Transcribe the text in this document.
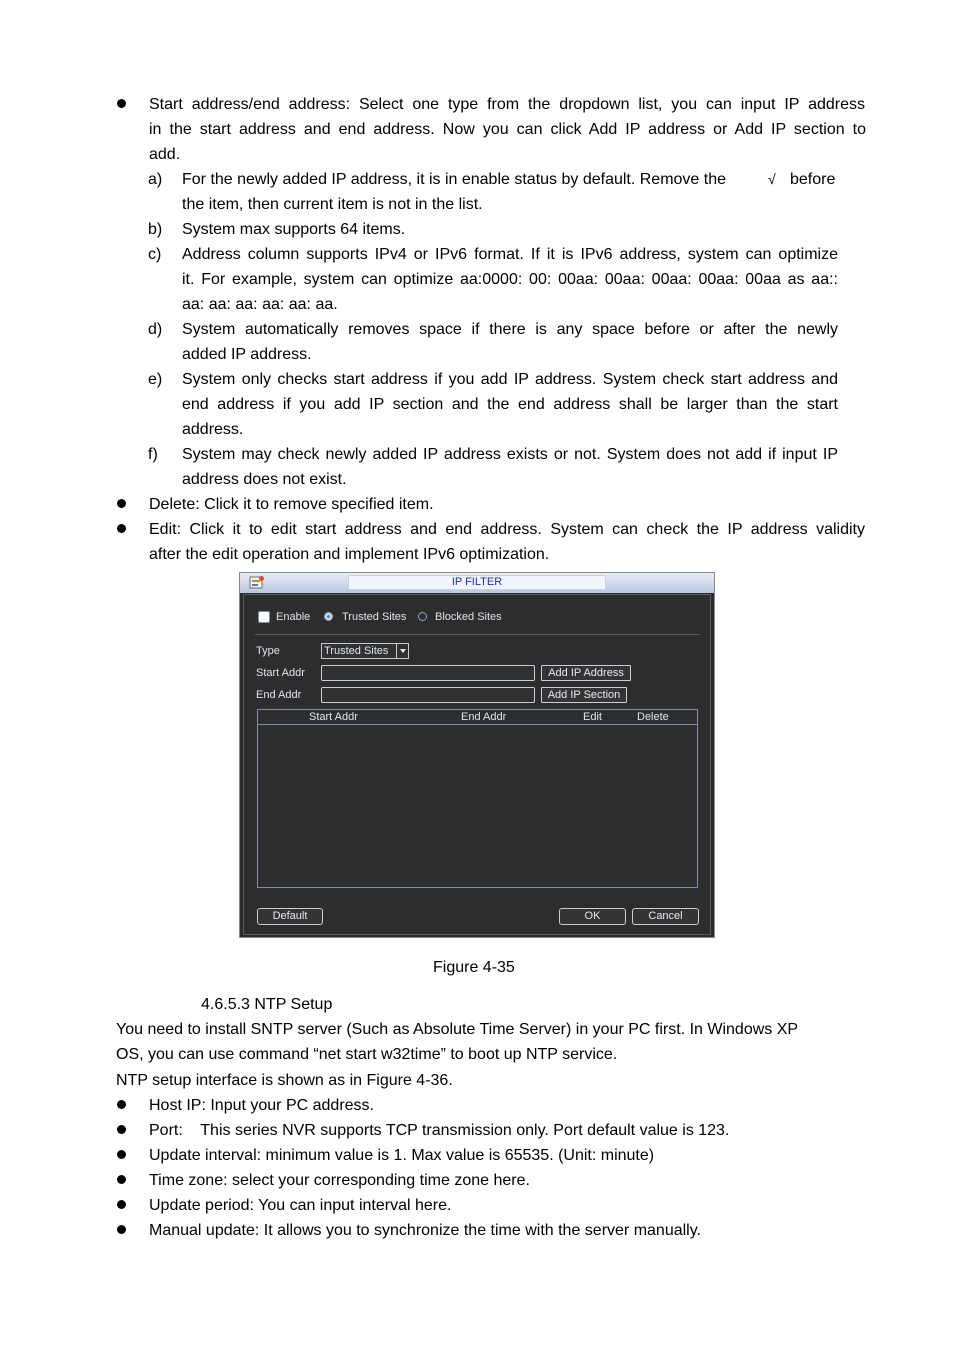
Start address/end address: Select one type from the dropdown list, you can input IP address
in the start address and end address. Now you can click Add IP address or Add IP section to
add.
a) For the newly added IP address, it is in enable status by default. Remove the	√ before
the item, then current item is not in the list.
b) System max supports 64 items.
c) Address column supports IPv4 or IPv6 format. If it is IPv6 address, system can optimize
it. For example, system can optimize aa:0000: 00: 00aa: 00aa: 00aa: 00aa: 00aa as aa::
aa: aa: aa: aa: aa: aa.
d) System automatically removes space if there is any space before or after the newly
added IP address.
e) System only checks start address if you add IP address. System check start address and
end address if you add IP section and the end address shall be larger than the start
address.
f) System may check newly added IP address exists or not. System does not add if input IP
address does not exist.
Delete: Click it to remove specified item.
Edit: Click it to edit start address and end address. System can check the IP address validity
after the edit operation and implement IPv6 optimization.
IP FILTER
Enable	Trusted Sites	Blocked Sites
Type	Trusted Sites
Start Addr	Add IP Address
End Addr	Add IP Section
Start Addr	End Addr	Edit	Delete
Default	OK	Cancel
Figure 4-35
4.6.5.3 NTP Setup
You need to install SNTP server (Such as Absolute Time Server) in your PC first. In Windows XP
OS, you can use command “net start w32time” to boot up NTP service.
NTP setup interface is shown as in Figure 4-36.
Host IP: Input your PC address.
Port:    This series NVR supports TCP transmission only. Port default value is 123.
Update interval: minimum value is 1. Max value is 65535. (Unit: minute)
Time zone: select your corresponding time zone here.
Update period: You can input interval here.
Manual update: It allows you to synchronize the time with the server manually.
